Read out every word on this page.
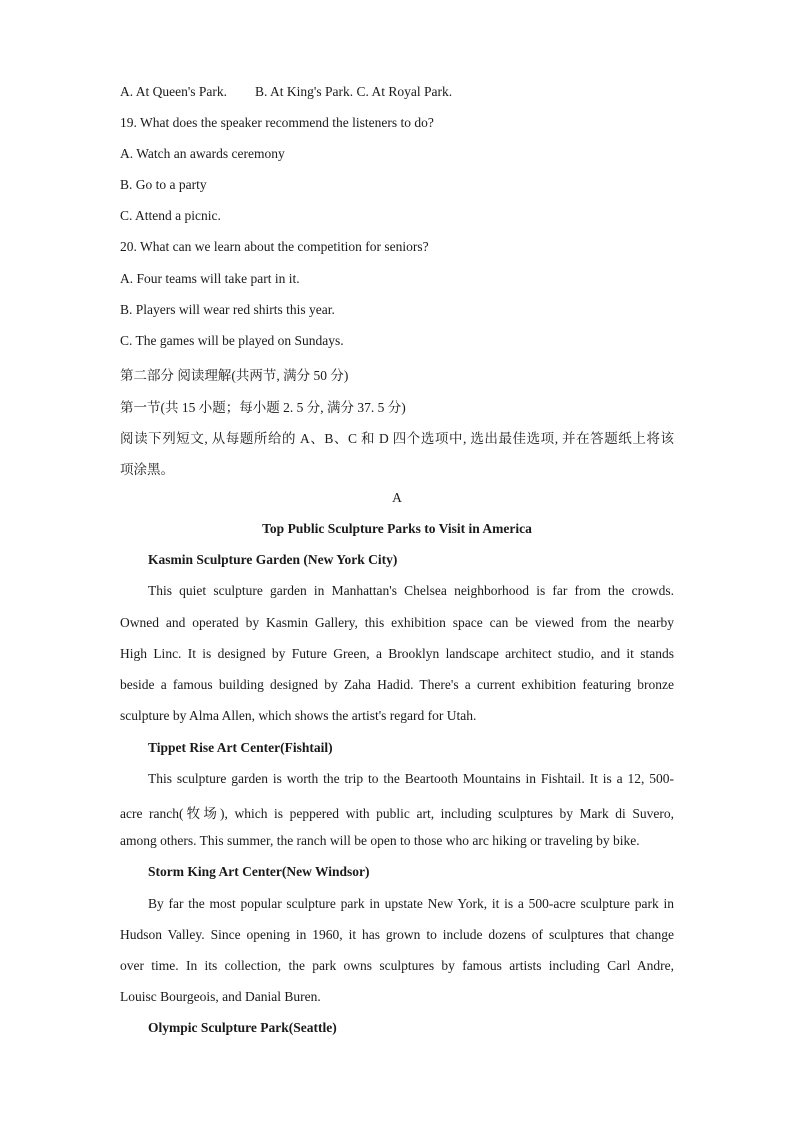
A. At Queen's Park. B. At King's Park. C. At Royal Park.
19. What does the speaker recommend the listeners to do?
A. Watch an awards ceremony
B. Go to a party
C. Attend a picnic.
20. What can we learn about the competition for seniors?
A. Four teams will take part in it.
B. Players will wear red shirts this year.
C. The games will be played on Sundays.
第二部分 阅读理解(共两节, 满分 50 分)
第一节(共 15 小题；每小题 2. 5 分, 满分 37. 5 分)
阅读下列短文, 从每题所给的 A、B、C 和 D 四个选项中, 选出最佳选项, 并在答题纸上将该
项涂黑。
A
Top Public Sculpture Parks to Visit in America
Kasmin Sculpture Garden (New York City)
This quiet sculpture garden in Manhattan's Chelsea neighborhood is far from the crowds.
Owned and operated by Kasmin Gallery, this exhibition space can be viewed from the nearby
High Linc. It is designed by Future Green, a Brooklyn landscape architect studio, and it stands
beside a famous building designed by Zaha Hadid. There's a current exhibition featuring bronze
sculpture by Alma Allen, which shows the artist's regard for Utah.
Tippet Rise Art Center(Fishtail)
This sculpture garden is worth the trip to the Beartooth Mountains in Fishtail. It is a 12, 500-
acre ranch(牧场), which is peppered with public art, including sculptures by Mark di Suvero,
among others. This summer, the ranch will be open to those who arc hiking or traveling by bike.
Storm King Art Center(New Windsor)
By far the most popular sculpture park in upstate New York, it is a 500-acre sculpture park in
Hudson Valley. Since opening in 1960, it has grown to include dozens of sculptures that change
over time. In its collection, the park owns sculptures by famous artists including Carl Andre,
Louisc Bourgeois, and Danial Buren.
Olympic Sculpture Park(Seattle)
